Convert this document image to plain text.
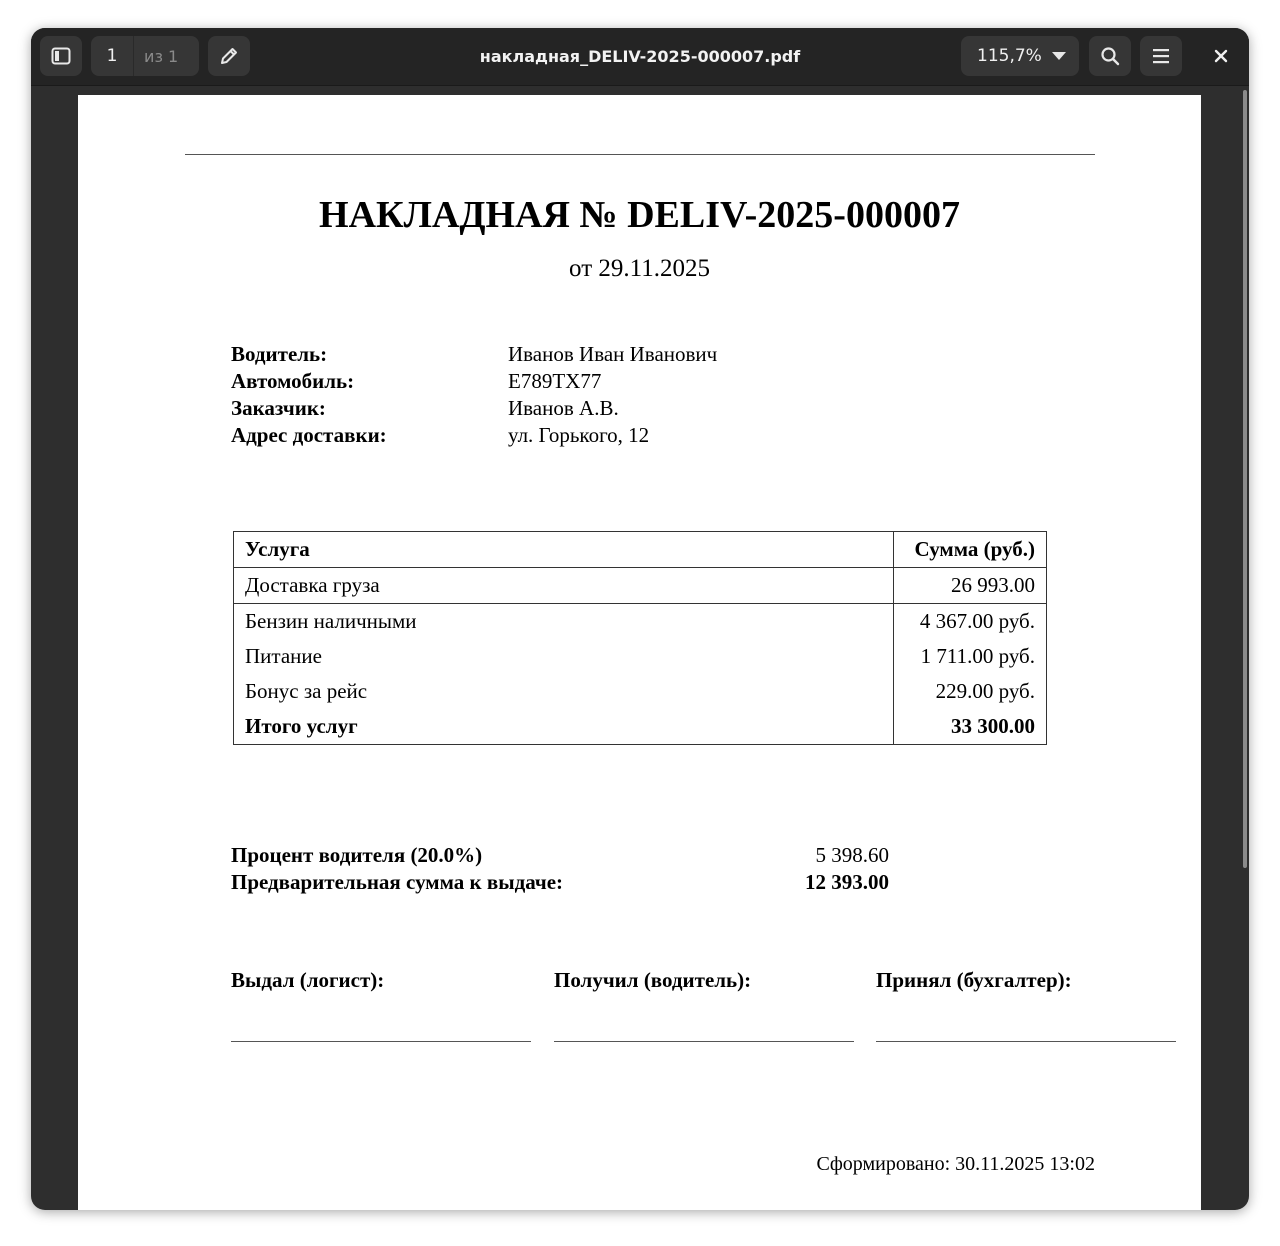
1	из 1	накладная_DELIV-2025-000007.pdf	115,7%
НАКЛАДНАЯ № DELIV-2025-000007
от 29.11.2025
Водитель:	Иванов Иван Иванович
Автомобиль:	Е789ТХ77
Заказчик:	Иванов А.В.
Адрес доставки:	ул. Горького, 12
Услуга	Сумма (руб.)
Доставка груза	26 993.00
Бензин наличными	4 367.00 руб.
Питание	1 711.00 руб.
Бонус за рейс	229.00 руб.
Итого услуг	33 300.00
Процент водителя (20.0%)	5 398.60
Предварительная сумма к выдаче:	12 393.00
Выдал (логист):	Получил (водитель):	Принял (бухгалтер):
Сформировано: 30.11.2025 13:02
